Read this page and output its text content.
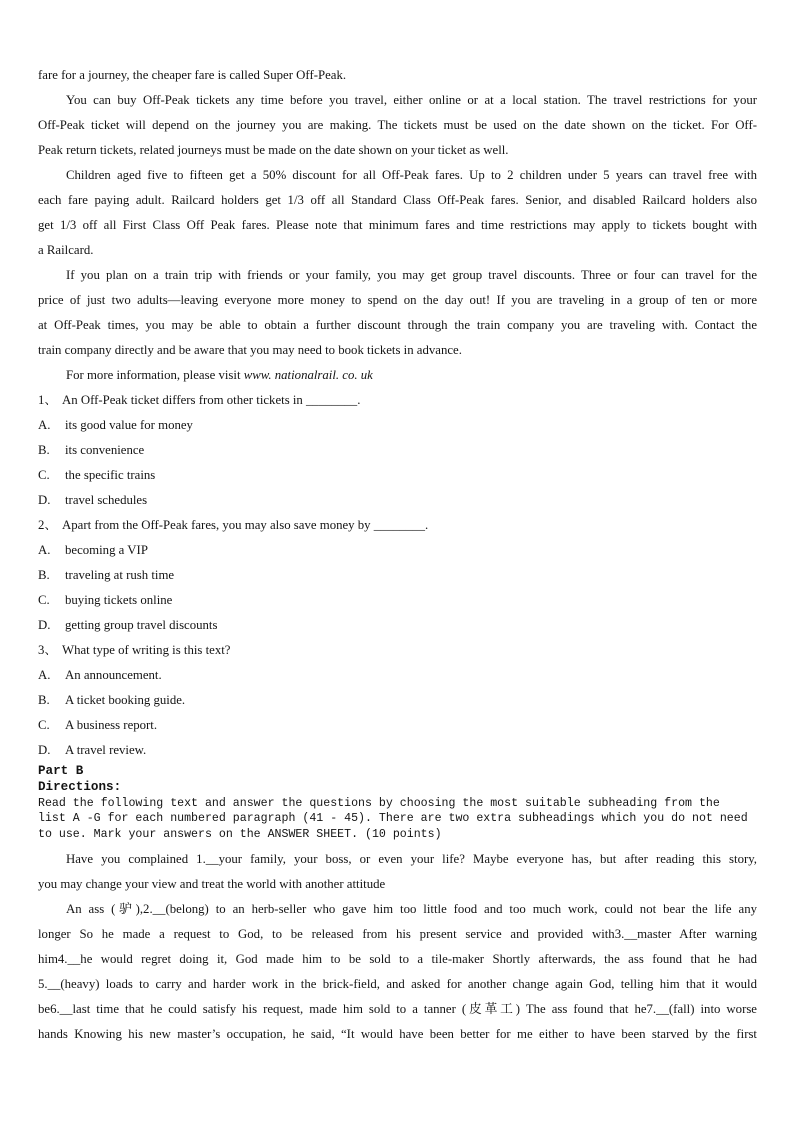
fare for a journey, the cheaper fare is called Super Off-Peak.
You can buy Off-Peak tickets any time before you travel, either online or at a local station. The travel restrictions for your
Off-Peak ticket will depend on the journey you are making. The tickets must be used on the date shown on the ticket. For Off-
Peak return tickets, related journeys must be made on the date shown on your ticket as well.
Children aged five to fifteen get a 50% discount for all Off-Peak fares. Up to 2 children under 5 years can travel free with
each fare paying adult. Railcard holders get 1/3 off all Standard Class Off-Peak fares. Senior, and disabled Railcard holders also
get 1/3 off all First Class Off Peak fares. Please note that minimum fares and time restrictions may apply to tickets bought with
a Railcard.
If you plan on a train trip with friends or your family, you may get group travel discounts. Three or four can travel for the
price of just two adults—leaving everyone more money to spend on the day out! If you are traveling in a group of ten or more
at Off-Peak times, you may be able to obtain a further discount through the train company you are traveling with. Contact the
train company directly and be aware that you may need to book tickets in advance.
For more information, please visit www. nationalrail. co. uk
1、 An Off-Peak ticket differs from other tickets in ________.
A. its good value for money
B. its convenience
C. the specific trains
D. travel schedules
2、 Apart from the Off-Peak fares, you may also save money by ________.
A. becoming a VIP
B. traveling at rush time
C. buying tickets online
D. getting group travel discounts
3、 What type of writing is this text?
A. An announcement.
B. A ticket booking guide.
C. A business report.
D. A travel review.
Part B
Directions:
Read the following text and answer the questions by choosing the most suitable subheading from the
list A -G for each numbered paragraph (41 - 45). There are two extra subheadings which you do not need
to use. Mark your answers on the ANSWER SHEET. (10 points)
Have you complained 1.__your family, your boss, or even your life? Maybe everyone has, but after reading this story,
you may change your view and treat the world with another attitude
An ass (驴),2.__(belong) to an herb-seller who gave him too little food and too much work, could not bear the life any
longer So he made a request to God, to be released from his present service and provided with3.__master After warning
him4.__he would regret doing it, God made him to be sold to a tile-maker Shortly afterwards, the ass found that he had
5.__(heavy) loads to carry and harder work in the brick-field, and asked for another change again God, telling him that it would
be6.__last time that he could satisfy his request, made him sold to a tanner (皮革工) The ass found that he7.__(fall) into worse
hands Knowing his new master’s occupation, he said, “It would have been better for me either to have been starved by the first
